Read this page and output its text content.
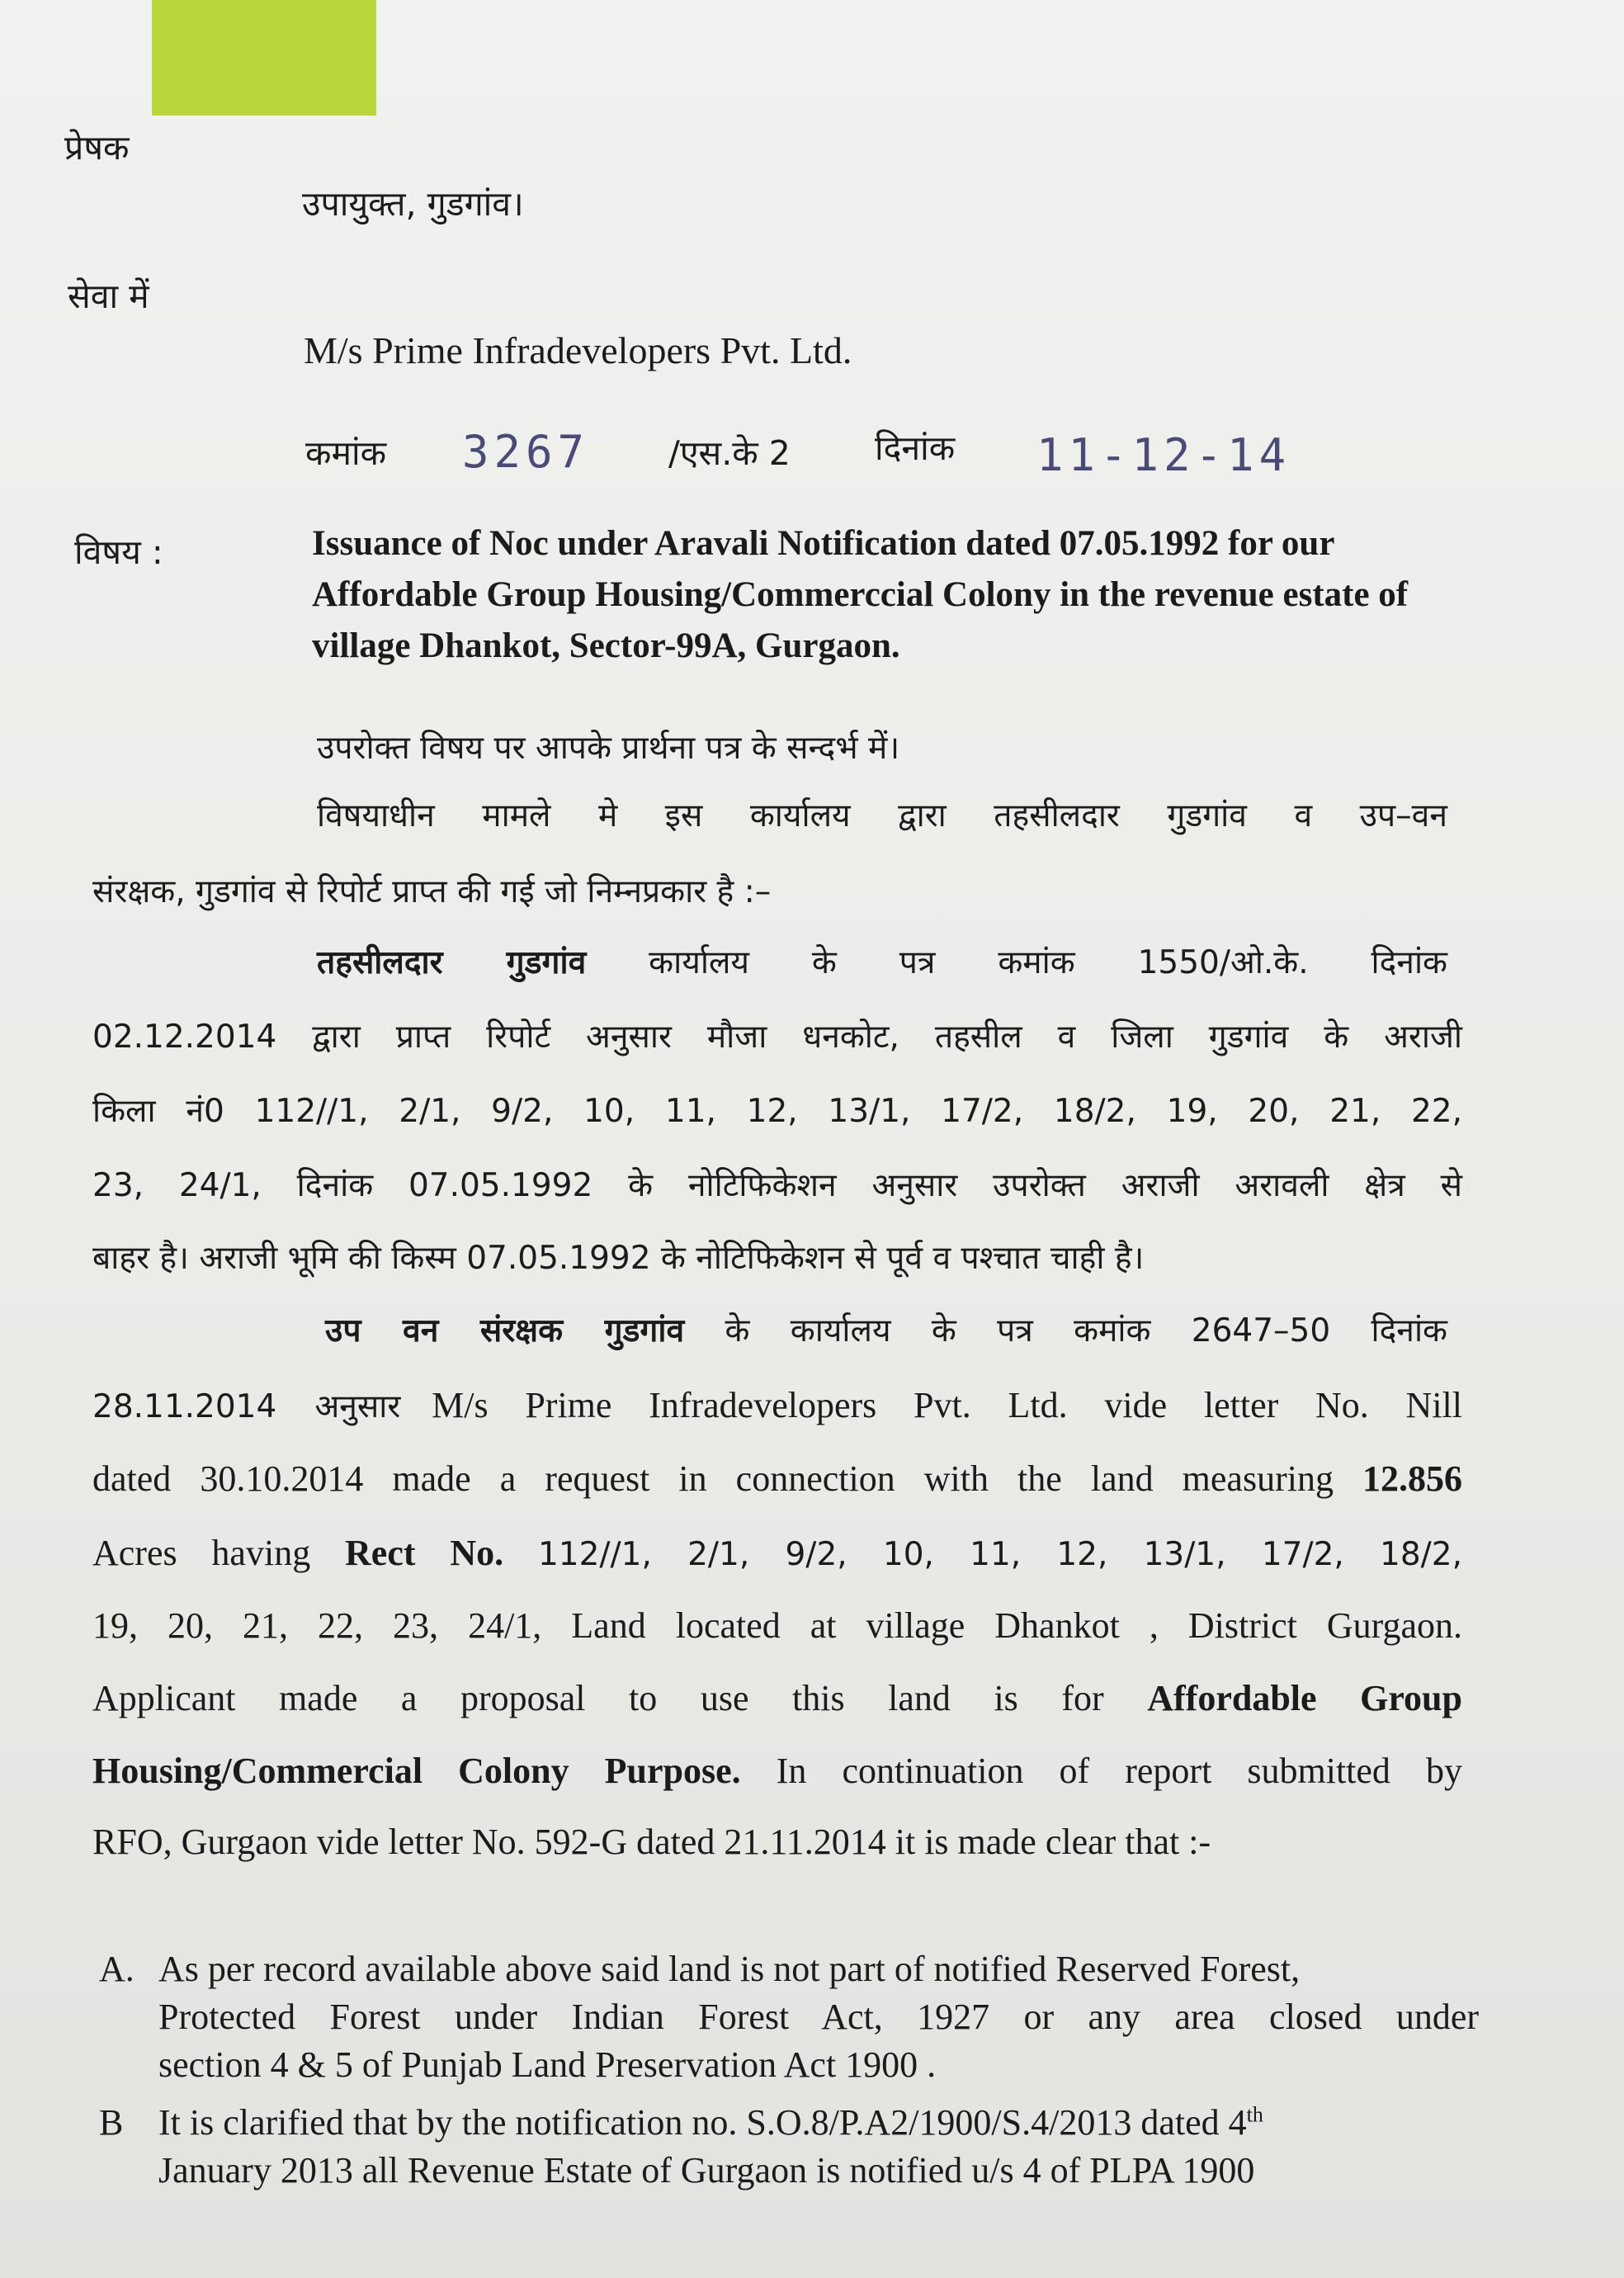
प्रेषक
उपायुक्त, गुडगांव।
सेवा में
M/s Prime Infradevelopers Pvt. Ltd.
कमांक 3267 /एस.के 2 दिनांक 11-12-14
विषय :	Issuance of Noc under Aravali Notification dated 07.05.1992 for our Affordable Group Housing/Commerccial Colony in the revenue estate of village Dhankot, Sector-99A, Gurgaon.
उपरोक्त विषय पर आपके प्रार्थना पत्र के सन्दर्भ में।
विषयाधीन मामले मे इस कार्यालय द्वारा तहसीलदार गुडगांव व उप–वन
संरक्षक, गुडगांव से रिपोर्ट प्राप्त की गई जो निम्नप्रकार है :–
तहसीलदार गुडगांव कार्यालय के पत्र कमांक 1550/ओ.के. दिनांक
02.12.2014 द्वारा प्राप्त रिपोर्ट अनुसार मौजा धनकोट, तहसील व जिला गुडगांव के अराजी
किला नं0 112//1, 2/1, 9/2, 10, 11, 12, 13/1, 17/2, 18/2, 19, 20, 21, 22,
23, 24/1, दिनांक 07.05.1992 के नोटिफिकेशन अनुसार उपरोक्त अराजी अरावली क्षेत्र से
बाहर है। अराजी भूमि की किस्म 07.05.1992 के नोटिफिकेशन से पूर्व व पश्चात चाही है।
उप वन संरक्षक गुडगांव के कार्यालय के पत्र कमांक 2647–50 दिनांक
28.11.2014 अनुसार M/s Prime Infradevelopers Pvt. Ltd. vide letter No. Nill
dated 30.10.2014 made a request in connection with the land measuring 12.856
Acres having Rect No. 112//1, 2/1, 9/2, 10, 11, 12, 13/1, 17/2, 18/2,
19, 20, 21, 22, 23, 24/1, Land located at village Dhankot , District Gurgaon.
Applicant made a proposal to use this land is for Affordable Group
Housing/Commercial Colony Purpose. In continuation of report submitted by
RFO, Gurgaon vide letter No. 592-G dated 21.11.2014 it is made clear that :-
A. As per record available above said land is not part of notified Reserved Forest,
Protected Forest under Indian Forest Act, 1927 or any area closed under
section 4 & 5 of Punjab Land Preservation Act 1900 .
B It is clarified that by the notification no. S.O.8/P.A2/1900/S.4/2013 dated 4th
January 2013 all Revenue Estate of Gurgaon is notified u/s 4 of PLPA 1900
